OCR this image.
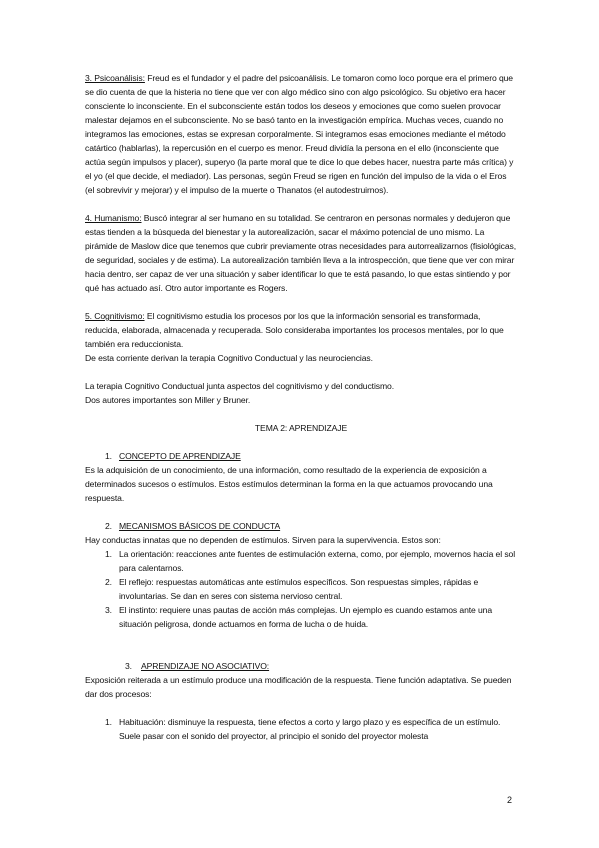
3. Psicoanálisis: Freud es el fundador y el padre del psicoanálisis. Le tomaron como loco porque era el primero que se dio cuenta de que la histeria no tiene que ver con algo médico sino con algo psicológico. Su objetivo era hacer consciente lo inconsciente. En el subconsciente están todos los deseos y emociones que como suelen provocar malestar dejamos en el subconsciente. No se basó tanto en la investigación empírica. Muchas veces, cuando no integramos las emociones, estas se expresan corporalmente. Si integramos esas emociones mediante el método catártico (hablarlas), la repercusión en el cuerpo es menor. Freud dividía la persona en el ello (inconsciente que actúa según impulsos y placer), superyo (la parte moral que te dice lo que debes hacer, nuestra parte más crítica) y el yo (el que decide, el mediador). Las personas, según Freud se rigen en función del impulso de la vida o el Eros (el sobrevivir y mejorar) y el impulso de la muerte o Thanatos (el autodestruirnos).

4. Humanismo: Buscó integrar al ser humano en su totalidad. Se centraron en personas normales y dedujeron que estas tienden a la búsqueda del bienestar y la autorealización, sacar el máximo potencial de uno mismo. La pirámide de Maslow dice que tenemos que cubrir previamente otras necesidades para autorrealizarnos (fisiológicas, de seguridad, sociales y de estima). La autorealización también lleva a la introspección, que tiene que ver con mirar hacia dentro, ser capaz de ver una situación y saber identificar lo que te está pasando, lo que estas sintiendo y por qué has actuado así. Otro autor importante es Rogers.

5. Cognitivismo: El cognitivismo estudia los procesos por los que la información sensorial es transformada, reducida, elaborada, almacenada y recuperada. Solo consideraba importantes los procesos mentales, por lo que también era reduccionista.

De esta corriente derivan la terapia Cognitivo Conductual y las neurociencias.

La terapia Cognitivo Conductual junta aspectos del cognitivismo y del conductismo.

Dos autores importantes son Miller y Bruner.

TEMA 2: APRENDIZAJE

1. CONCEPTO DE APRENDIZAJE

Es la adquisición de un conocimiento, de una información, como resultado de la experiencia de exposición a determinados sucesos o estímulos. Estos estímulos determinan la forma en la que actuamos provocando una respuesta.

2. MECANISMOS BÁSICOS DE CONDUCTA

Hay conductas innatas que no dependen de estímulos. Sirven para la supervivencia. Estos son:

1. La orientación: reacciones ante fuentes de estimulación externa, como, por ejemplo, movernos hacia el sol para calentarnos.
2. El reflejo: respuestas automáticas ante estímulos específicos. Son respuestas simples, rápidas e involuntarias. Se dan en seres con sistema nervioso central.
3. El instinto: requiere unas pautas de acción más complejas. Un ejemplo es cuando estamos ante una situación peligrosa, donde actuamos en forma de lucha o de huida.

3. APRENDIZAJE NO ASOCIATIVO:

Exposición reiterada a un estímulo produce una modificación de la respuesta. Tiene función adaptativa. Se pueden dar dos procesos:

1. Habituación: disminuye la respuesta, tiene efectos a corto y largo plazo y es específica de un estímulo. Suele pasar con el sonido del proyector, al principio el sonido del proyector molesta
2
